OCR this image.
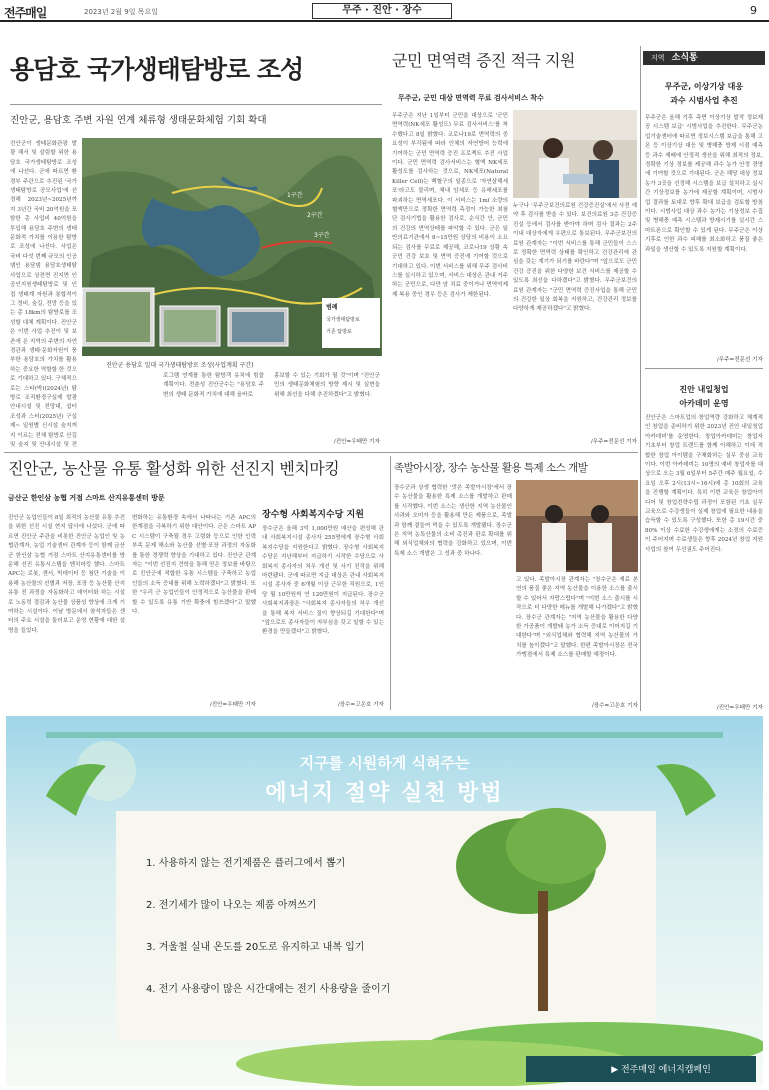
전주매일	2023년 2월 9일 목요일	무주 · 진안 · 장수	9
용담호 국가생태탐방로 조성
진안군, 용담호 주변 자원 연계 체류형 생태문화체험 기회 확대
진안군이 생태문화관광 발광 해서 및 살림할 위한 용담호 국가생태탐방로 조성에 나선다. 군에 따르면 환경부 주관으로 추진된 '국가생태탐방로 공모사업'에 선정해 2023년~2025년까지 3년간 국비 20억원을 포함한 총 사업비 40억원을 투입해 용담호 주변의 생태문화적 가치를 이용한 탐방로 조성에 나선다. 사업은 국비 다섯 번째 규모의 인공댐인 용담댐 용담호생태탐 사업으로 상전면 진지면 인공인지원생태탐방로 및 인접 생태계 자원과 봉합적이 그 정비, 숲길, 전망 등을 있는 총 18km의 탐방로를 조성할 대체 계획이다. 진안군은 이번 사업 추진이 및 보존에 온 지역의 주변의 자연경관과 생태·문화자원이 풍부한 용담호의 가치를 활용하는 중요한 역할할 한 것으로 기대하고 있다. 구체적으로는 스타(박)(2024년) 탐방로 조직환경구실제 발광 안내시설 및 전망대, 쉼터 조성과 스터(2025년) 구실제~ 일원별 신시설 숲지꺼지 이르는 전체 탐방로 산길 및 숲지 및 안내시설 및 전
1구간
2구간
3구간
범례
국가생태탐방로
기존 탐방로
진안군 용담호 일대 국가생태탐방로 조성(사업계획 구간)
로그램 연계를 통한 탐방객 유치에 힘쓸 계획이다. 전춘성 진안군수는 "용담호 주변의 생태 문화적 가치에 대해 올바로
홍보할 수 있는 기회가 될 것"이며 "진안군민의 생태문화체험의 방향 제시 및 실현을 위해 최선을 다해 추진하겠다"고 밝혔다.
/진안=우태만 기자
군민 면역력 증진 적극 지원
무주군, 군민 대상 면역력 무료 검사서비스 착수
무주군은 지난 1일부터 군민을 대상으로 '군민 면역력(NK세포 활성도) 무료 검사서비스'를 착수했다고 8일 밝혔다. 코로나19로 면역력의 중요성이 부각됨에 따라 인체의 자연방어 능력에 기여하는 군민 면역력 증진 프로젝트 추진 사업이다. 군민 면역력 검사서비스는 혈액 NK세포 활성도를 검사하는 것으로, NK세포(Natural Killer Cell)는 백혈구의 일종으로 '자연살해세포'라고도 불리며, 체내 암세포 등 유해세포를 파괴하는 면역세포다. 이 서비스는 1ml 소량의 혈액만으로 정확한 면역력 측정이 가능한 최첨단 검사기법을 활용한 검사로, 순식간 안, 군민의 건강의 면역상태를 파악할 수 있다. 군은 일반의료기관에서 8~15만원 상당의 비용이 소요되는 검사를 무료로 제공해, 코로나19 상황 속 군민 건강 보호 및 면역 증진에 기여할 것으로 기대하고 있다. 이번 서비스를 위해 무주 검사비스를 실시하고 있으며, 서비스 대상은 관내 거주하는 군민으로, 다만 암 치료 중이거나 면역억제제 복용 중인 경우 등은 검사가 제한된다.
누구나 '무주군보건의료원 건강증진실'에서 사전 예약 후 검사를 받을 수 있다. 보건의료원 3층 건강증진실 등에서 검사를 받아야 하며 검사 결과는 2주 이내 대상자에게 우편으로 통보된다. 무주군보건의료원 관계자는 "이번 서비스를 통해 군민들이 스스로 정확한 면역력 상태를 확인하고 건강관리에 관심을 갖는 계기가 되기를 바란다"며 "앞으로도 군민 건강 증진을 위한 다양한 보건 서비스를 제공할 수 있도록 최선을 다하겠다"고 밝혔다. 무주군보건의료원 관계자는 "군민 면역력 증진사업을 통해 군민의 건강한 일상 회복을 지원하고, 건강관리 정보를 다양하게 제공하겠다"고 밝혔다.
/무주=전문선 기자
지역 소식통
무주군, 이상기상 대응
과수 시범사업 추진
무주군은 올해 기후 측면 이상기상 발작 정보제공 시스템 보급' 시범사업을 추진한다. 무주군농업기술센터에 따르면 정보시스템 보급을 통해 고온 등 이상기상 대응 및 병해충 방제 시점 예측 등 과수 재배에 안정적 생산을 위해 최적의 정보, 정확한 기상 정보를 제공해 과수 농가 안정 경영에 기여할 것으로 기대된다. 군은 해당 대상 정보 농가 3곳을 선정해 시스템을 보급 설치하고 실시간 기상정보를 농가에 제공할 계획이며, 시범사업 결과를 토대로 향후 확대 보급을 검토할 방침이다. 시범사업 대상 과수 농가는 기상정보 수집 및 병해충 예측 시스템과 방제시기를 실시간 스마트폰으로 확인할 수 있게 된다. 무주군은 이상기후로 인한 과수 피해를 최소화하고 품질 좋은 과일을 생산할 수 있도록 지원할 계획이다.
/무주=전문선 기자
진안 내일청업
아카데미 운영
진안군은 스마트업의 창업역량 강화하고 체계적인 창업을 준비하기 위한 2023년 진안 내일청업 아카데미'를 운영한다. 창업아카데미는 창업자 기초부터 창업 트렌드를 함께 이해하고 이에 적합한 창업 아이템을 구체화하는 실무 중심 교육이다. 이번 아카데미는 10명의 예비 창업자를 대상으로 오는 3월 6일부터 5주간 매주 월요일, 수요일 오후 2시(13시~16시)에 총 10회의 교육을 진행할 계획이다. 특히 이번 교육은 창업아이디어 및 창업전략수립 과정이 포함된 기초 실무교육으로 수강생들이 실제 창업에 필요한 내용을 습득할 수 있도록 구성했다. 또한 총 19시간 중 80% 이상 수료한 수강생에게는 소정의 수료증이 주어지며 수료생들은 향후 2024년 창업 지원 사업의 참여 우선권도 주어진다.
/진안=우태만 기자
진안군, 농산물 유통 활성화 위한 선진지 벤치마킹
금산군 한인삼 농협 거점 스마트 산지유통센터 방문
진안군 농업인들이 8일 최적의 농산물 유통 추진을 위한 선진 시설 현지 답사에 나섰다. 군에 따르면 진안군 주관을 비롯한 진안군 농업인 및 농협관계자, 농업 기술센터 관계자 등이 함께 금산군 한인삼 농협 거점 스마트 산지유통센터를 방문해 선진 유통시스템을 벤치마킹 했다. 스마트 APC는 로봇, 센서, 빅데이터 등 첨단 기술을 이용해 농산물의 선별과 저장, 포장 등 농산물 산지유통 전 과정을 자동화하고 데이터화 하는 시설로 노동력 절감과 농산물 상품성 향상에 크게 기여하는 시설이다. 이날 방문에서 참석자들은 센터의 주요 시설을 둘러보고 운영 현황에 대한 설명을 들었다.
변화하는 유통환경 속에서 나타나는 기존 APC의 한계점을 극복하기 위한 대안이다. 군은 스마트 APC 시스템이 구축될 경우 고령화 등으로 인한 인력 부족 문제 해소와 농산물 선별·포장 과정의 자동화를 통한 경쟁력 향상을 기대하고 있다. 진안군 관계자는 "이번 선진지 견학을 통해 얻은 정보를 바탕으로 진안군에 적합한 유통 시스템을 구축하고 농업인들의 소득 증대를 위해 노력하겠다"고 밝혔다. 또한 "우리 군 농업인들이 안정적으로 농산물을 판매할 수 있도록 유통 기반 확충에 힘쓰겠다"고 말했다.
/진안=우태만 기자
장수형 사회복지수당 지원
장수군은 올해 3억 1,000만원 예산을 편성해 관내 사회복지시설 종사자 255명에게 장수형 사회복지수당을 지원한다고 밝혔다. 장수형 사회복지수당은 지난해부터 지급하기 시작한 수당으로 사회복지 종사자의 처우 개선 및 사기 진작을 위해 마련됐다. 군에 따르면 지급 대상은 관내 사회복지시설 종사자 중 6개월 이상 근무한 직원으로, 1인당 월 10만원씩 연 120만원이 지급된다. 장수군 사회복지과장은 "사회복지 종사자들의 처우 개선을 통해 복지 서비스 질이 향상되길 기대한다"며 "앞으로도 종사자들이 자부심을 갖고 일할 수 있는 환경을 만들겠다"고 밝혔다.
/장수=고은호 기자
족발아시장, 장수 농산물 활용 특제 소스 개발
장수군과 상생 협력한 '맛은 족발아시장'에서 장수 농산물을 활용한 특제 소스를 개발하고 판매를 시작했다. 이번 소스는 생산한 지역 농산물인 사과와 오미자 등을 활용해 만든 제품으로, 족발과 함께 곁들여 먹을 수 있도록 개발됐다. 장수군은 지역 농특산물의 소비 촉진과 판로 확대를 위해 외식업체와의 협력을 강화하고 있으며, 이번 특제 소스 개발은 그 성과 중 하나다.
고 있다. 족발아시장 관계자는 "장수군은 재료 본연의 품질 좋은 지역 농산물을 이용한 소스를 출시할 수 있어서 자랑스럽다"며 "이번 소스 출시를 시작으로 더 다양한 메뉴를 개발해 나가겠다"고 밝혔다. 장수군 관계자는 "지역 농산물을 활용한 다양한 가공품이 개발돼 농가 소득 증대로 이어지길 기대한다"며 "외식업체와 협력해 지역 농산물의 가치를 높이겠다"고 말했다. 한편 족발아시장은 전국 가맹점에서 특제 소스를 판매할 예정이다.
/장수=고은호 기자
지구를 시원하게 식혀주는
에너지 절약 실천 방법
1. 사용하지 않는 전기제품은 플러그에서 뽑기
2. 전기세가 많이 나오는 제품 아껴쓰기
3. 겨울철 실내 온도를 20도로 유지하고 내복 입기
4. 전기 사용량이 많은 시간대에는 전기 사용량을 줄이기
▶ 전주매일 에너지캠페인
